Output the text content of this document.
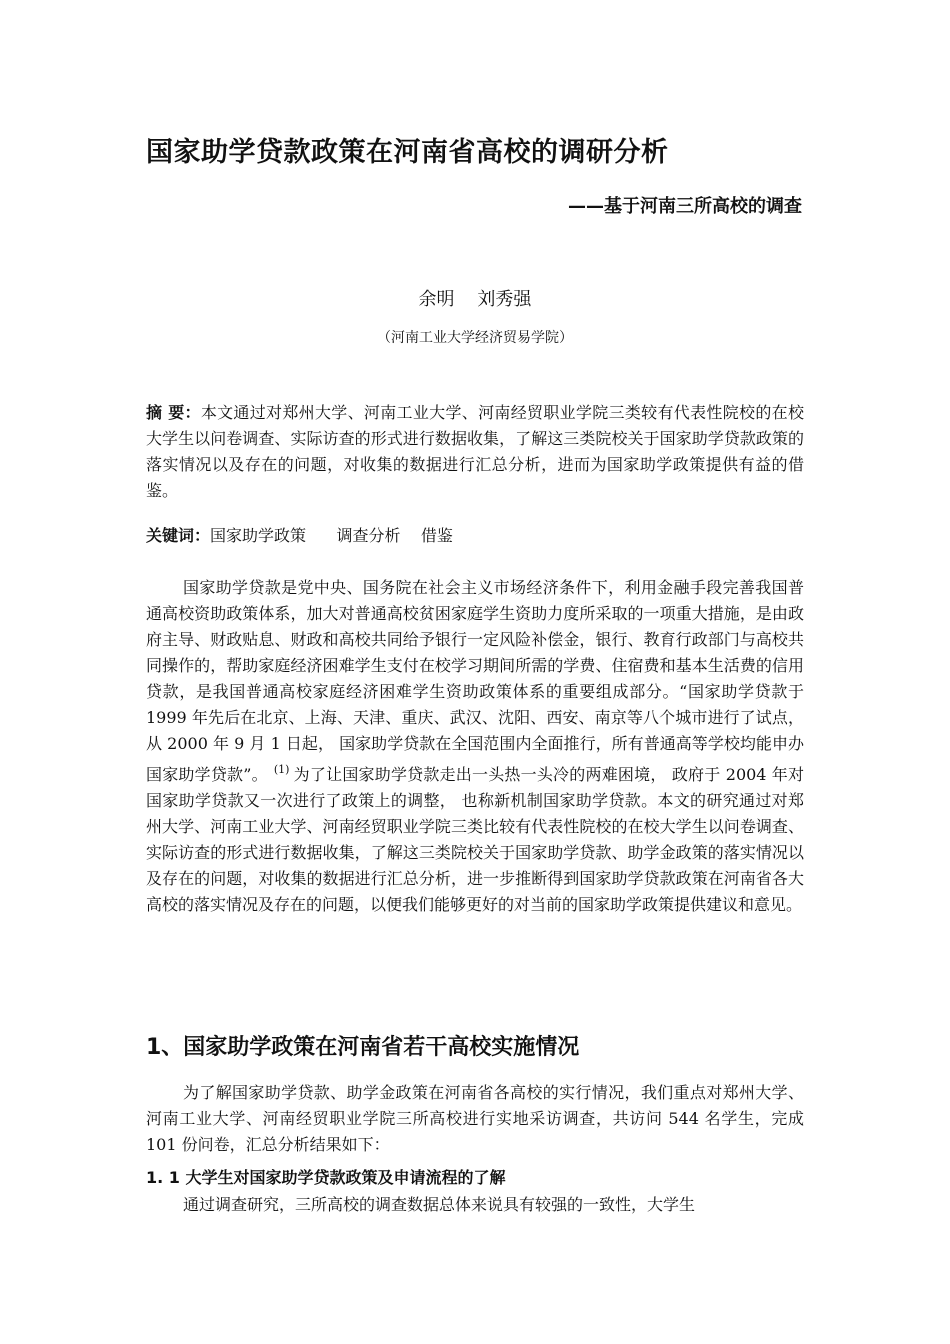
国家助学贷款政策在河南省高校的调研分析
——基于河南三所高校的调查
余明    刘秀强
（河南工业大学经济贸易学院）

摘 要：本文通过对郑州大学、河南工业大学、河南经贸职业学院三类较有代表性院校的在校大学生以问卷调查、实际访查的形式进行数据收集，了解这三类院校关于国家助学贷款政策的落实情况以及存在的问题，对收集的数据进行汇总分析，进而为国家助学政策提供有益的借鉴。

关键词：国家助学政策      调查分析    借鉴

国家助学贷款是党中央、国务院在社会主义市场经济条件下，利用金融手段完善我国普通高校资助政策体系，加大对普通高校贫困家庭学生资助力度所采取的一项重大措施，是由政府主导、财政贴息、财政和高校共同给予银行一定风险补偿金，银行、教育行政部门与高校共同操作的，帮助家庭经济困难学生支付在校学习期间所需的学费、住宿费和基本生活费的信用贷款，是我国普通高校家庭经济困难学生资助政策体系的重要组成部分。“国家助学贷款于 1999 年先后在北京、上海、天津、重庆、武汉、沈阳、西安、南京等八个城市进行了试点， 从 2000 年 9 月 1 日起， 国家助学贷款在全国范围内全面推行，所有普通高等学校均能申办国家助学贷款”。 $^{(1)}$ 为了让国家助学贷款走出一头热一头冷的两难困境， 政府于 2004 年对国家助学贷款又一次进行了政策上的调整， 也称新机制国家助学贷款。本文的研究通过对郑州大学、河南工业大学、河南经贸职业学院三类比较有代表性院校的在校大学生以问卷调查、实际访查的形式进行数据收集，了解这三类院校关于国家助学贷款、助学金政策的落实情况以及存在的问题，对收集的数据进行汇总分析，进一步推断得到国家助学贷款政策在河南省各大高校的落实情况及存在的问题，以便我们能够更好的对当前的国家助学政策提供建议和意见。

1、国家助学政策在河南省若干高校实施情况

为了解国家助学贷款、助学金政策在河南省各高校的实行情况，我们重点对郑州大学、河南工业大学、河南经贸职业学院三所高校进行实地采访调查，共访问 544 名学生，完成 101 份问卷，汇总分析结果如下：

1. 1 大学生对国家助学贷款政策及申请流程的了解

通过调查研究，三所高校的调查数据总体来说具有较强的一致性，大学生
